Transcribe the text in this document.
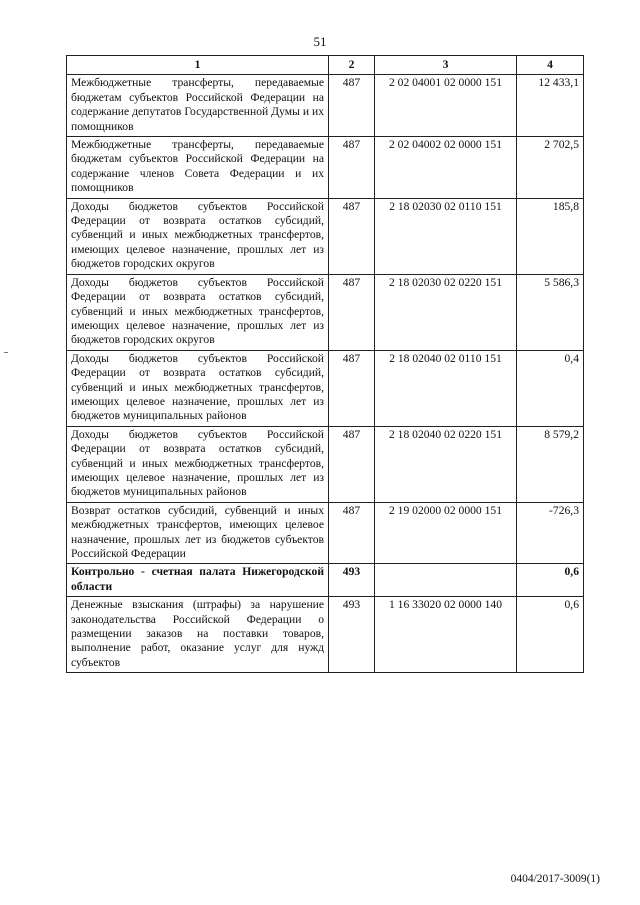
51
1	2	3	4
Межбюджетные трансферты, передаваемые бюджетам субъектов Российской Федерации на содержание депутатов Государственной Думы и их помощников	487	2 02 04001 02 0000 151	12 433,1
Межбюджетные трансферты, передаваемые бюджетам субъектов Российской Федерации на содержание членов Совета Федерации и их помощников	487	2 02 04002 02 0000 151	2 702,5
Доходы бюджетов субъектов Российской Федерации от возврата остатков субсидий, субвенций и иных межбюджетных трансфертов, имеющих целевое назначение, прошлых лет из бюджетов городских округов	487	2 18 02030 02 0110 151	185,8
Доходы бюджетов субъектов Российской Федерации от возврата остатков субсидий, субвенций и иных межбюджетных трансфертов, имеющих целевое назначение, прошлых лет из бюджетов городских округов	487	2 18 02030 02 0220 151	5 586,3
Доходы бюджетов субъектов Российской Федерации от возврата остатков субсидий, субвенций и иных межбюджетных трансфертов, имеющих целевое назначение, прошлых лет из бюджетов муниципальных районов	487	2 18 02040 02 0110 151	0,4
Доходы бюджетов субъектов Российской Федерации от возврата остатков субсидий, субвенций и иных межбюджетных трансфертов, имеющих целевое назначение, прошлых лет из бюджетов муниципальных районов	487	2 18 02040 02 0220 151	8 579,2
Возврат остатков субсидий, субвенций и иных межбюджетных трансфертов, имеющих целевое назначение, прошлых лет из бюджетов субъектов Российской Федерации	487	2 19 02000 02 0000 151	-726,3
Контрольно - счетная палата Нижегородской области	493		0,6
Денежные взыскания (штрафы) за нарушение законодательства Российской Федерации о размещении заказов на поставки товаров, выполнение работ, оказание услуг для нужд субъектов	493	1 16 33020 02 0000 140	0,6
0404/2017-3009(1)
